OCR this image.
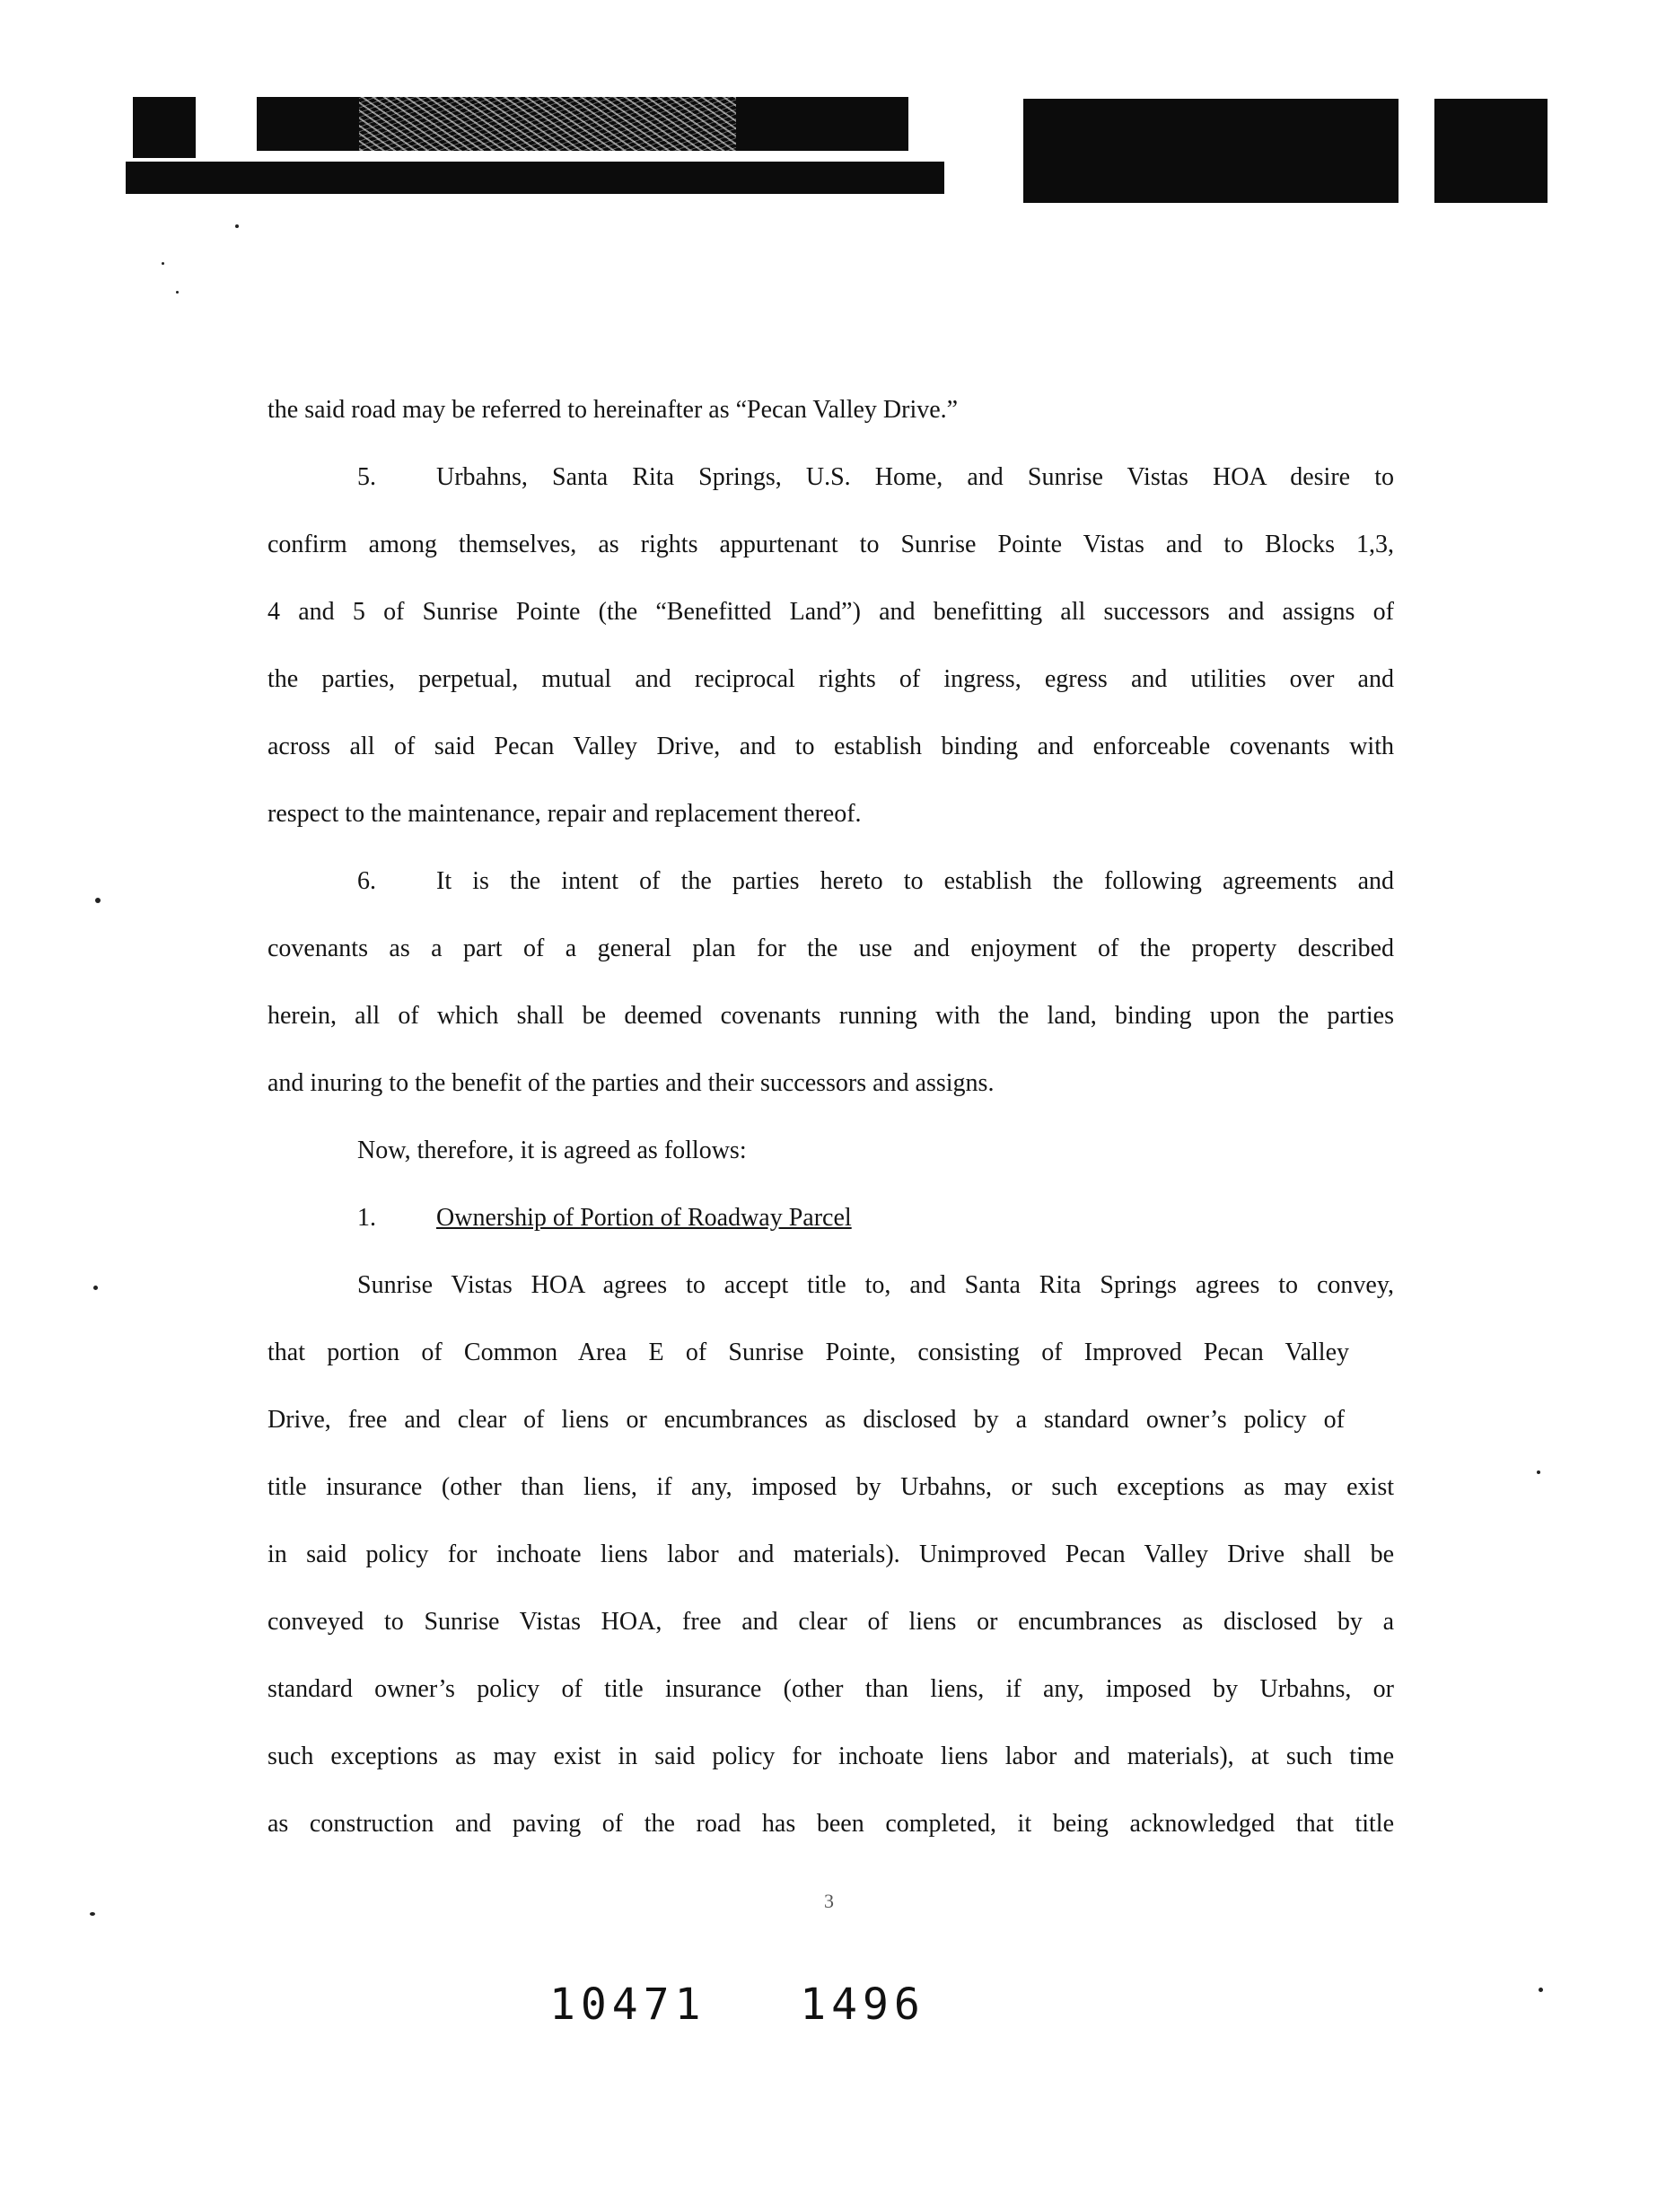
the said road may be referred to hereinafter as “Pecan Valley Drive.”
5. Urbahns, Santa Rita Springs, U.S. Home, and Sunrise Vistas HOA desire to
confirm among themselves, as rights appurtenant to Sunrise Pointe Vistas and to Blocks 1,3,
4 and 5 of Sunrise Pointe (the “Benefitted Land”) and benefitting all successors and assigns of
the parties, perpetual, mutual and reciprocal rights of ingress, egress and utilities over and
across all of said Pecan Valley Drive, and to establish binding and enforceable covenants with
respect to the maintenance, repair and replacement thereof.
6. It is the intent of the parties hereto to establish the following agreements and
covenants as a part of a general plan for the use and enjoyment of the property described
herein, all of which shall be deemed covenants running with the land, binding upon the parties
and inuring to the benefit of the parties and their successors and assigns.
Now, therefore, it is agreed as follows:
1. Ownership of Portion of Roadway Parcel
Sunrise Vistas HOA agrees to accept title to, and Santa Rita Springs agrees to convey,
that portion of Common Area E of Sunrise Pointe, consisting of Improved Pecan Valley
Drive, free and clear of liens or encumbrances as disclosed by a standard owner’s policy of
title insurance (other than liens, if any, imposed by Urbahns, or such exceptions as may exist
in said policy for inchoate liens labor and materials). Unimproved Pecan Valley Drive shall be
conveyed to Sunrise Vistas HOA, free and clear of liens or encumbrances as disclosed by a
standard owner’s policy of title insurance (other than liens, if any, imposed by Urbahns, or
such exceptions as may exist in said policy for inchoate liens labor and materials), at such time
as construction and paving of the road has been completed, it being acknowledged that title
3
10471   1496
